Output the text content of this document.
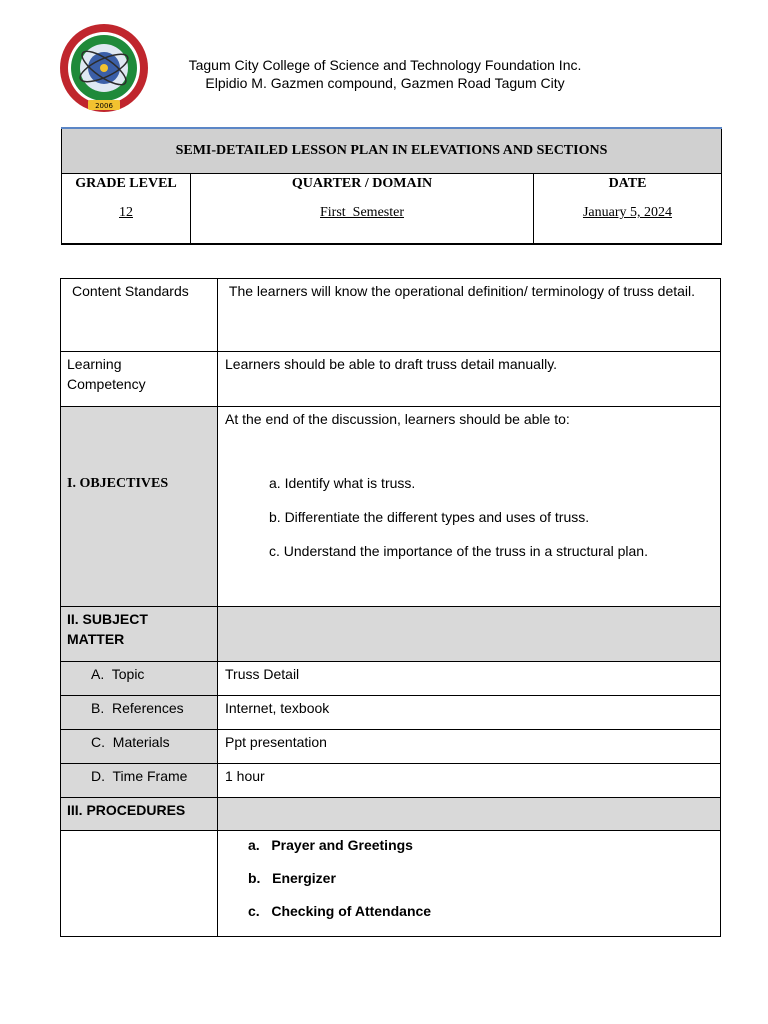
2006
Tagum City College of Science and Technology Foundation Inc.
Elpidio M. Gazmen compound, Gazmen Road Tagum City
SEMI-DETAILED LESSON PLAN IN ELEVATIONS AND SECTIONS		
GRADE LEVEL	QUARTER / DOMAIN	DATE
12	First  Semester	January 5, 2024
Content Standards	The learners will know the operational definition/ terminology of truss detail.
Learning Competency	Learners should be able to draft truss detail manually.
I. OBJECTIVES	At the end of the discussion, learners should be able to:
a. Identify what is truss.
b. Differentiate the different types and uses of truss.
c. Understand the importance of the truss in a structural plan.

II. SUBJECT MATTER	
A.  Topic	Truss Detail
B.  References	Internet, texbook
C.  Materials	Ppt presentation
D.  Time Frame	1 hour
III. PROCEDURES	

	a.   Prayer and Greetings
b.   Energizer
c.   Checking of Attendance
